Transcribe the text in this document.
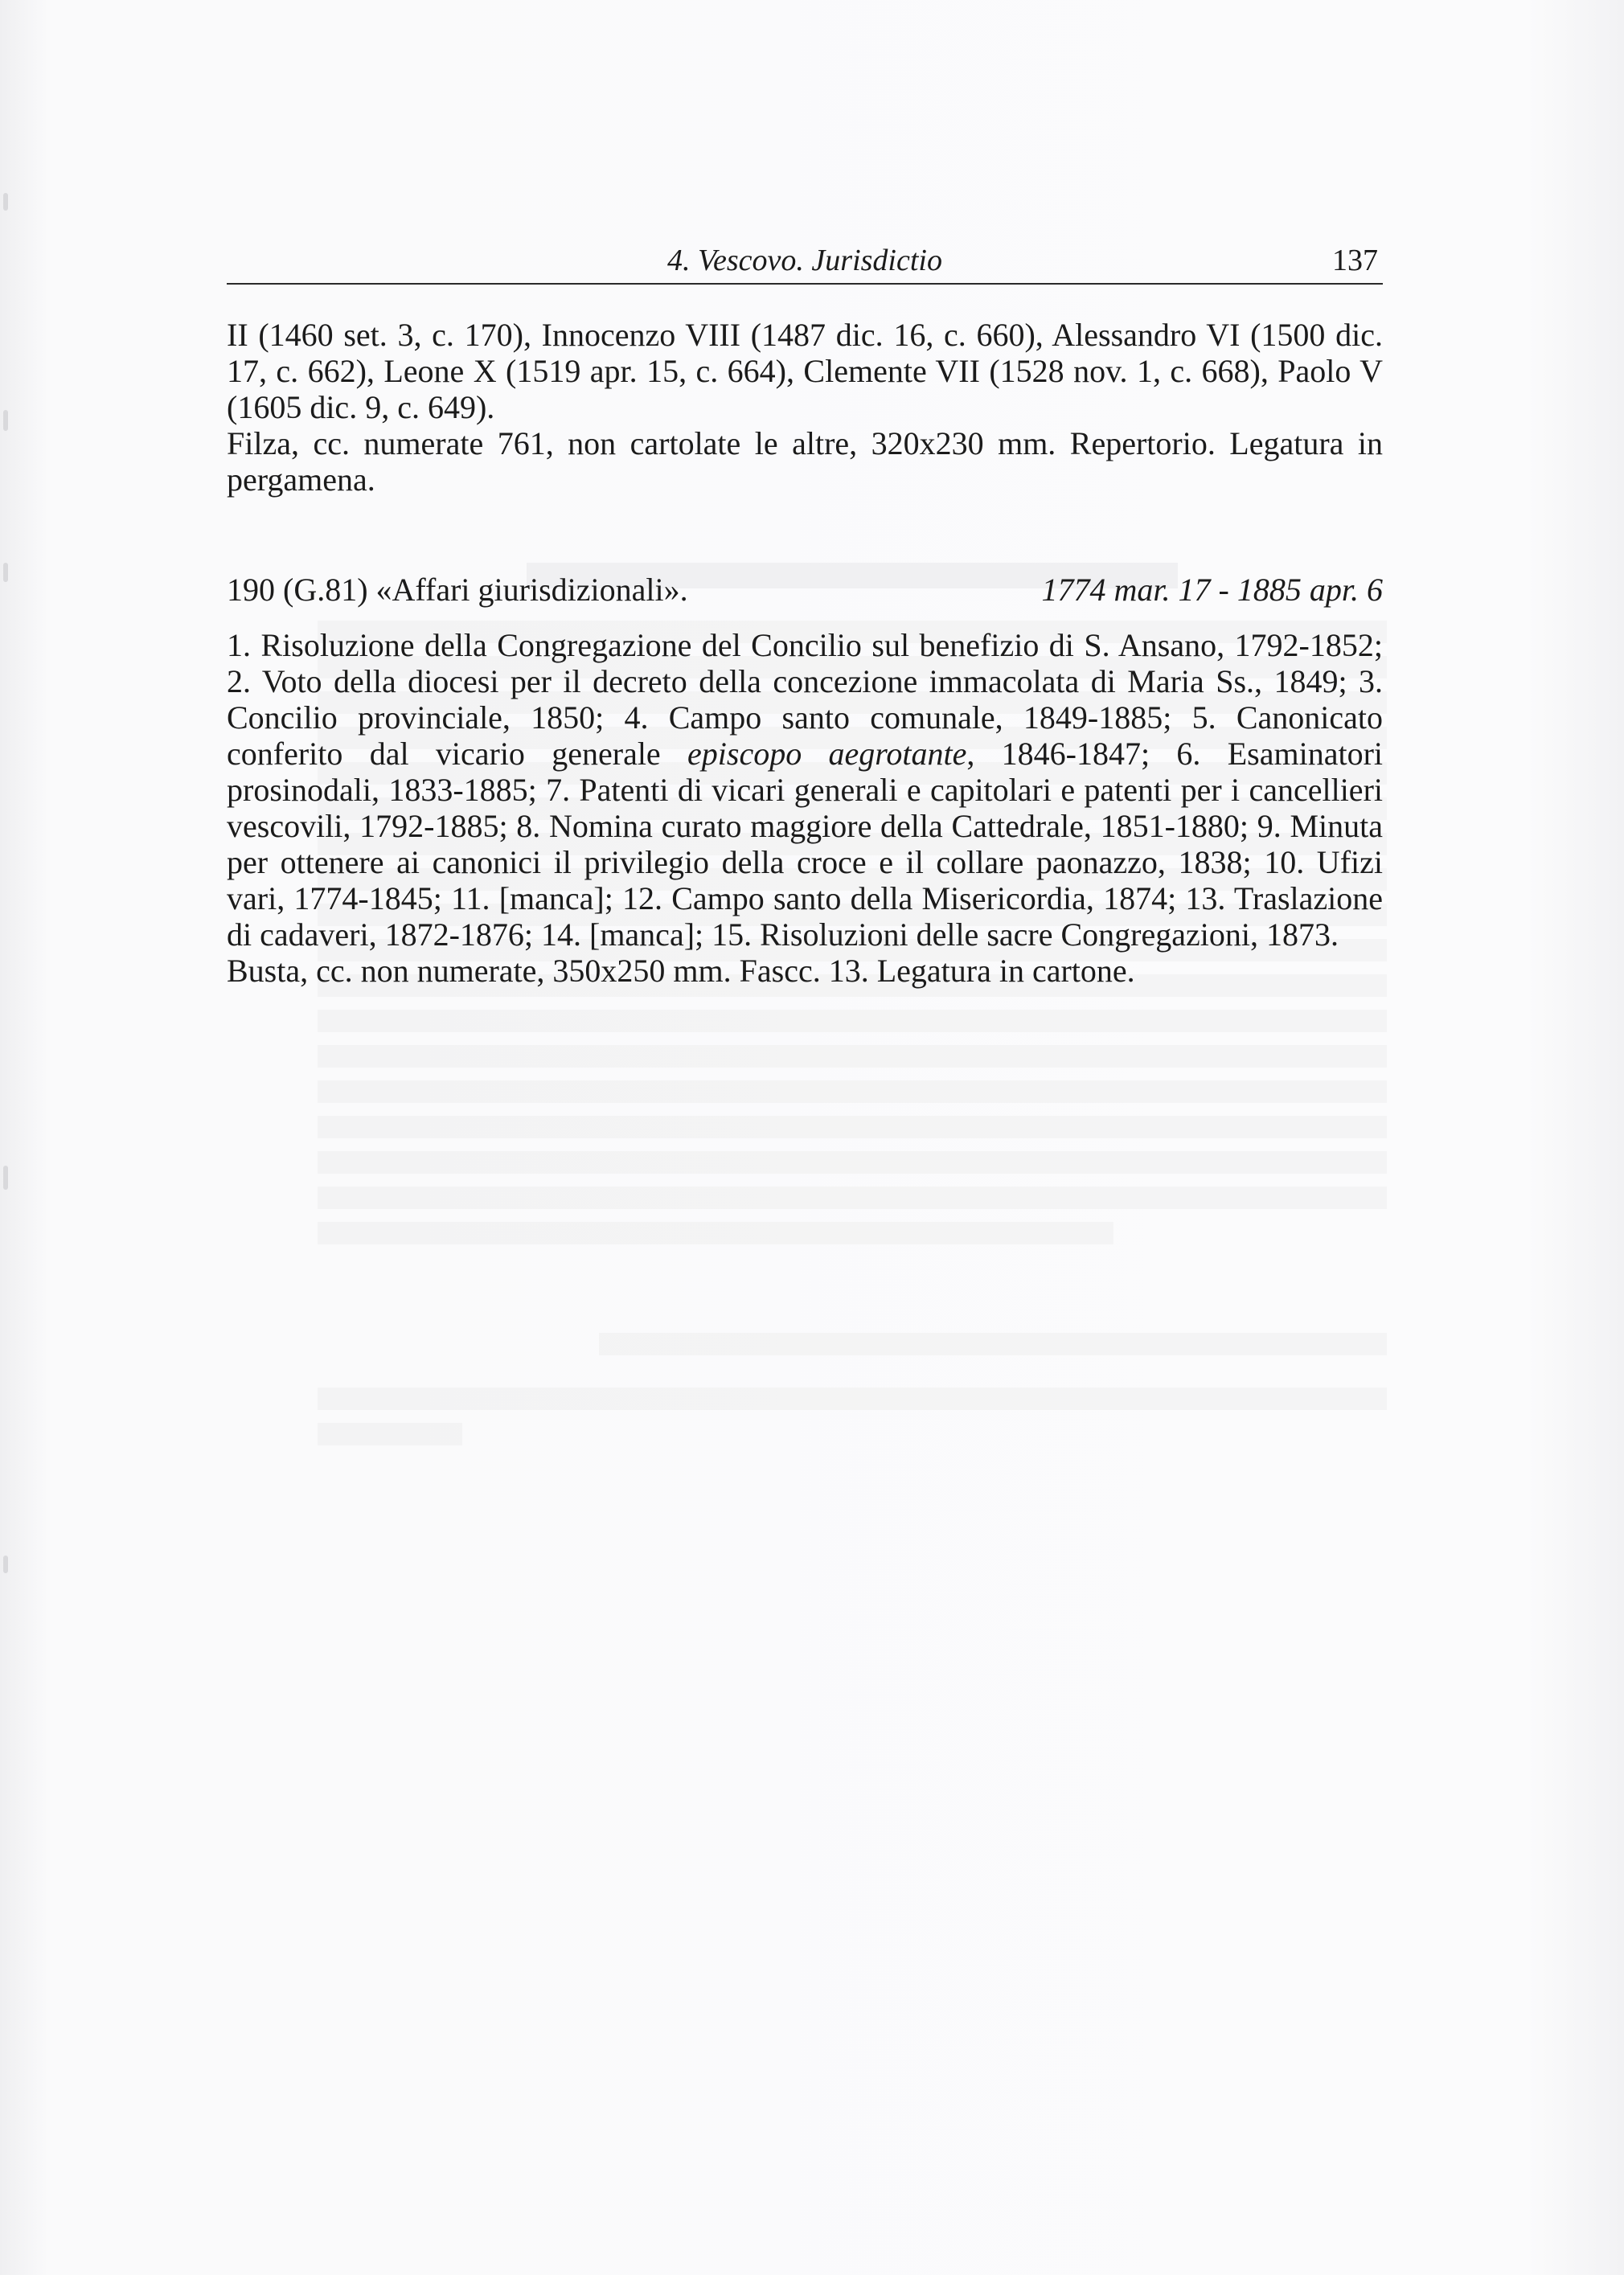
4. Vescovo. Jurisdictio	137

II (1460 set. 3, c. 170), Innocenzo VIII (1487 dic. 16, c. 660), Alessandro VI (1500 dic. 17, c. 662), Leone X (1519 apr. 15, c. 664), Clemente VII (1528 nov. 1, c. 668), Paolo V (1605 dic. 9, c. 649).

Filza, cc. numerate 761, non cartolate le altre, 320x230 mm. Repertorio. Legatura in pergamena.

190 (G.81) «Affari giurisdizionali».	1774 mar. 17 - 1885 apr. 6

1. Risoluzione della Congregazione del Concilio sul benefizio di S. Ansano, 1792-1852; 2. Voto della diocesi per il decreto della concezione immacolata di Maria Ss., 1849; 3. Concilio provinciale, 1850; 4. Campo santo comunale, 1849-1885; 5. Canonicato conferito dal vicario generale episcopo aegrotante, 1846-1847; 6. Esaminatori prosinodali, 1833-1885; 7. Patenti di vicari generali e capitolari e patenti per i cancellieri vescovili, 1792-1885; 8. Nomina curato maggiore della Cattedrale, 1851-1880; 9. Minuta per ottenere ai canonici il privilegio della croce e il collare paonazzo, 1838; 10. Ufizi vari, 1774-1845; 11. [manca]; 12. Campo santo della Misericordia, 1874; 13. Traslazione di cadaveri, 1872-1876; 14. [manca]; 15. Risoluzioni delle sacre Congregazioni, 1873.

Busta, cc. non numerate, 350x250 mm. Fascc. 13. Legatura in cartone.
